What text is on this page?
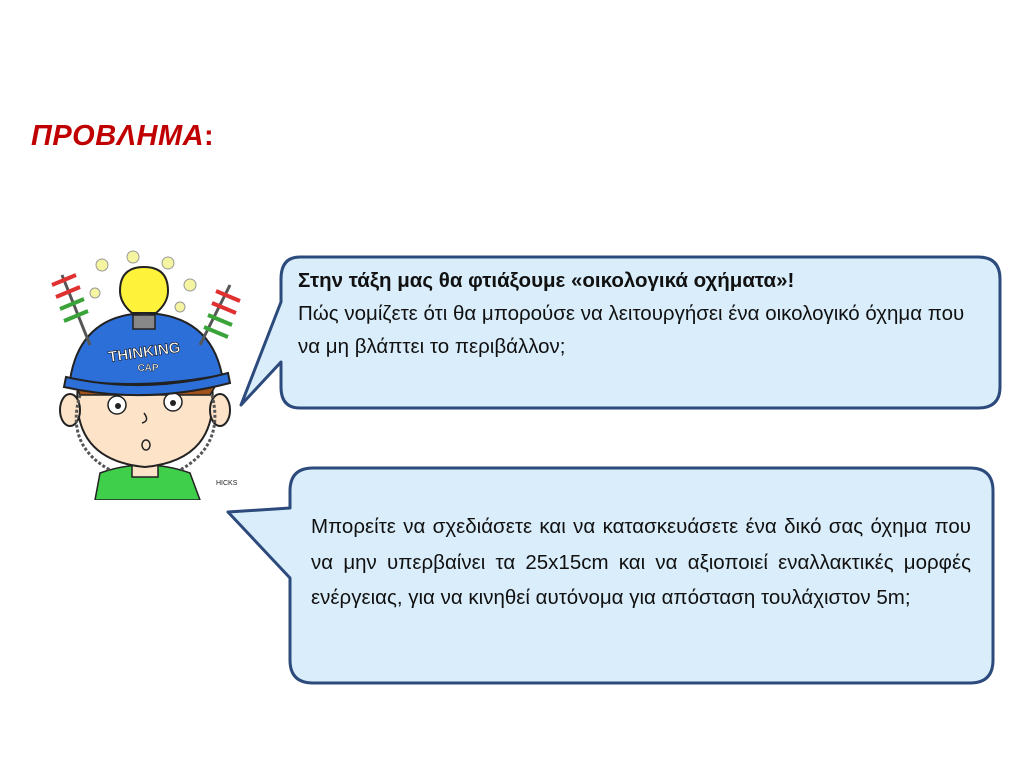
ΠΡΟΒΛΗΜΑ:
Στην τάξη μας θα φτιάξουμε «οικολογικά οχήματα»!
Πώς νομίζετε ότι θα μπορούσε να λειτουργήσει ένα οικολογικό όχημα που να μη βλάπτει το περιβάλλον;
Μπορείτε να σχεδιάσετε και να κατασκευάσετε ένα δικό σας όχημα που να μην υπερβαίνει τα 25x15cm και να αξιοποιεί εναλλακτικές μορφές ενέργειας, για να κινηθεί αυτόνομα για απόσταση τουλάχιστον 5m;
THINKING
CAP
HICKS
